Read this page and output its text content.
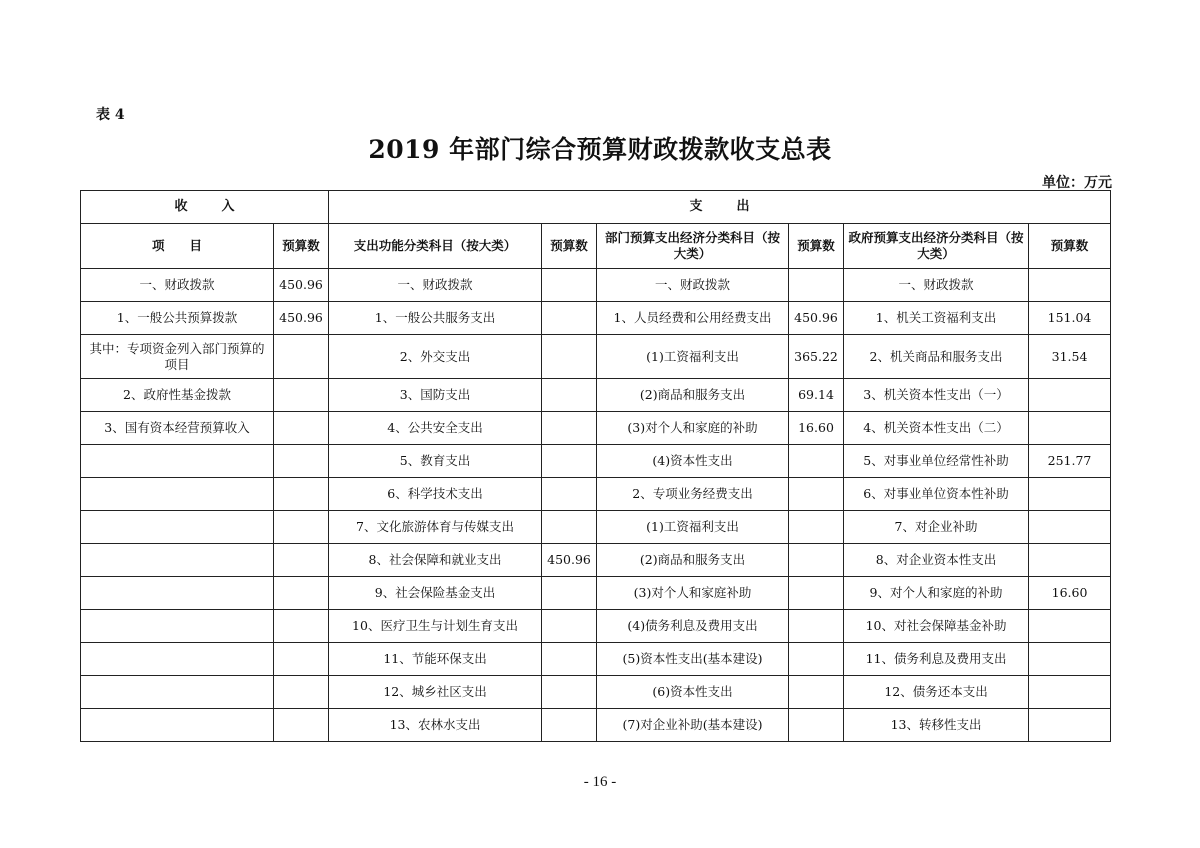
表 4
2019 年部门综合预算财政拨款收支总表
单位：万元
收入		支出					
项　　目	预算数	支出功能分类科目（按大类）	预算数	部门预算支出经济分类科目（按大类）	预算数	政府预算支出经济分类科目（按大类）	预算数
一、财政拨款	450.96	一、财政拨款		一、财政拨款		一、财政拨款	
1、一般公共预算拨款	450.96	1、一般公共服务支出		1、人员经费和公用经费支出	450.96	1、机关工资福利支出	151.04
其中：专项资金列入部门预算的项目		2、外交支出		(1)工资福利支出	365.22	2、机关商品和服务支出	31.54
2、政府性基金拨款		3、国防支出		(2)商品和服务支出	69.14	3、机关资本性支出（一）	
3、国有资本经营预算收入		4、公共安全支出		(3)对个人和家庭的补助	16.60	4、机关资本性支出（二）	
		5、教育支出		(4)资本性支出		5、对事业单位经常性补助	251.77
		6、科学技术支出		2、专项业务经费支出		6、对事业单位资本性补助	
		7、文化旅游体育与传媒支出		(1)工资福利支出		7、对企业补助	
		8、社会保障和就业支出	450.96	(2)商品和服务支出		8、对企业资本性支出	
		9、社会保险基金支出		(3)对个人和家庭补助		9、对个人和家庭的补助	16.60
		10、医疗卫生与计划生育支出		(4)债务利息及费用支出		10、对社会保障基金补助	
		11、节能环保支出		(5)资本性支出(基本建设)		11、债务利息及费用支出	
		12、城乡社区支出		(6)资本性支出		12、债务还本支出	
		13、农林水支出		(7)对企业补助(基本建设)		13、转移性支出	
- 16 -
